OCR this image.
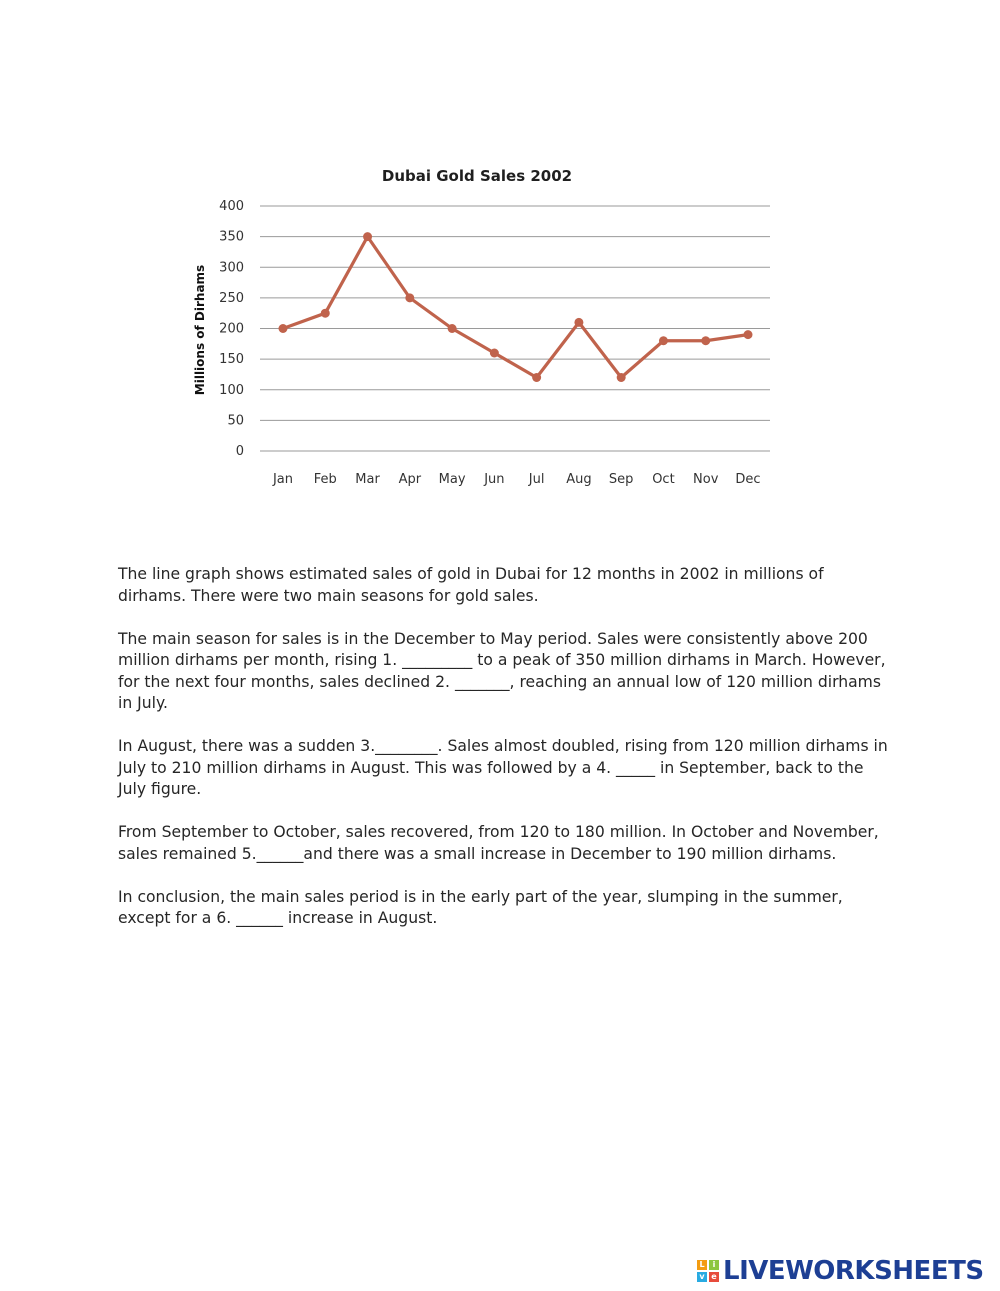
Dubai Gold Sales 2002
Millions of Dirhams
0
50
100
150
200
250
300
350
400
Jan Feb Mar Apr May Jun Jul Aug Sep Oct Nov Dec

The line graph shows estimated sales of gold in Dubai for 12 months in 2002 in millions of dirhams. There were two main seasons for gold sales.

The main season for sales is in the December to May period. Sales were consistently above 200 million dirhams per month, rising 1. _________ to a peak of 350 million dirhams in March. However, for the next four months, sales declined 2. _______, reaching an annual low of 120 million dirhams in July.

In August, there was a sudden 3.________. Sales almost doubled, rising from 120 million dirhams in July to 210 million dirhams in August. This was followed by a 4. _____ in September, back to the July figure.

From September to October, sales recovered, from 120 to 180 million. In October and November, sales remained 5.______and there was a small increase in December to 190 million dirhams.

In conclusion, the main sales period is in the early part of the year, slumping in the summer, except for a 6. ______ increase in August.

L	i
v e LIVEWORKSHEETS
